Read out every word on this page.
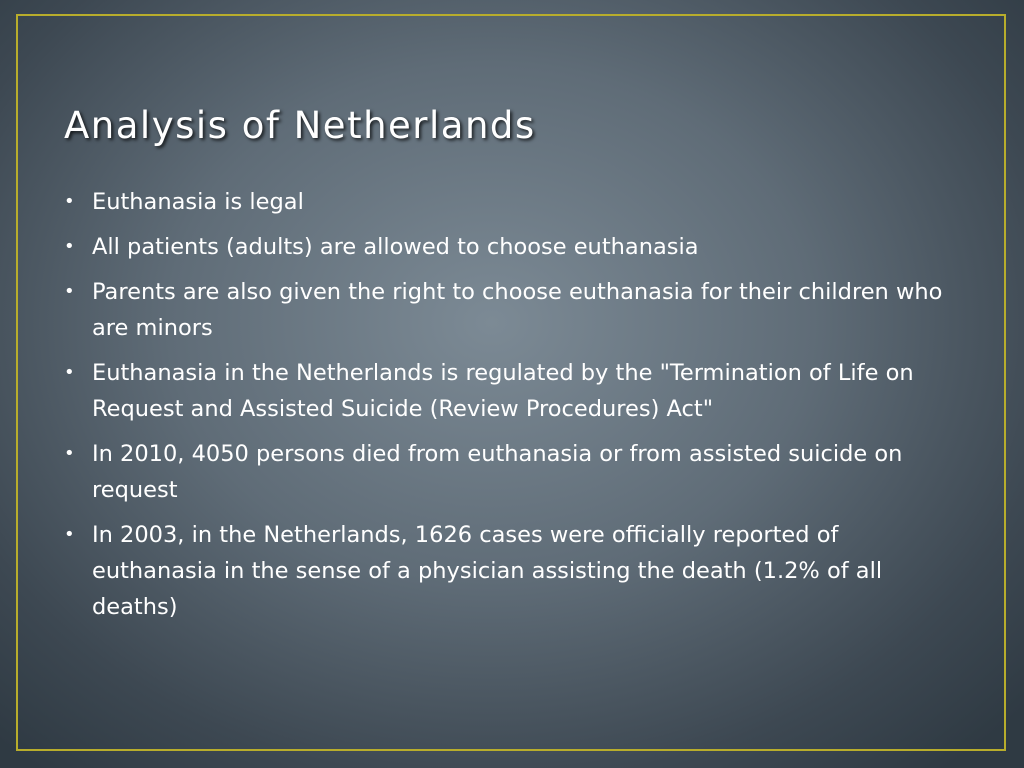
Analysis of Netherlands
• Euthanasia is legal
• All patients (adults) are allowed to choose euthanasia
• Parents are also given the right to choose euthanasia for their children who are minors
• Euthanasia in the Netherlands is regulated by the "Termination of Life on Request and Assisted Suicide (Review Procedures) Act"
• In 2010, 4050 persons died from euthanasia or from assisted suicide on request
• In 2003, in the Netherlands, 1626 cases were officially reported of euthanasia in the sense of a physician assisting the death (1.2% of all deaths)
